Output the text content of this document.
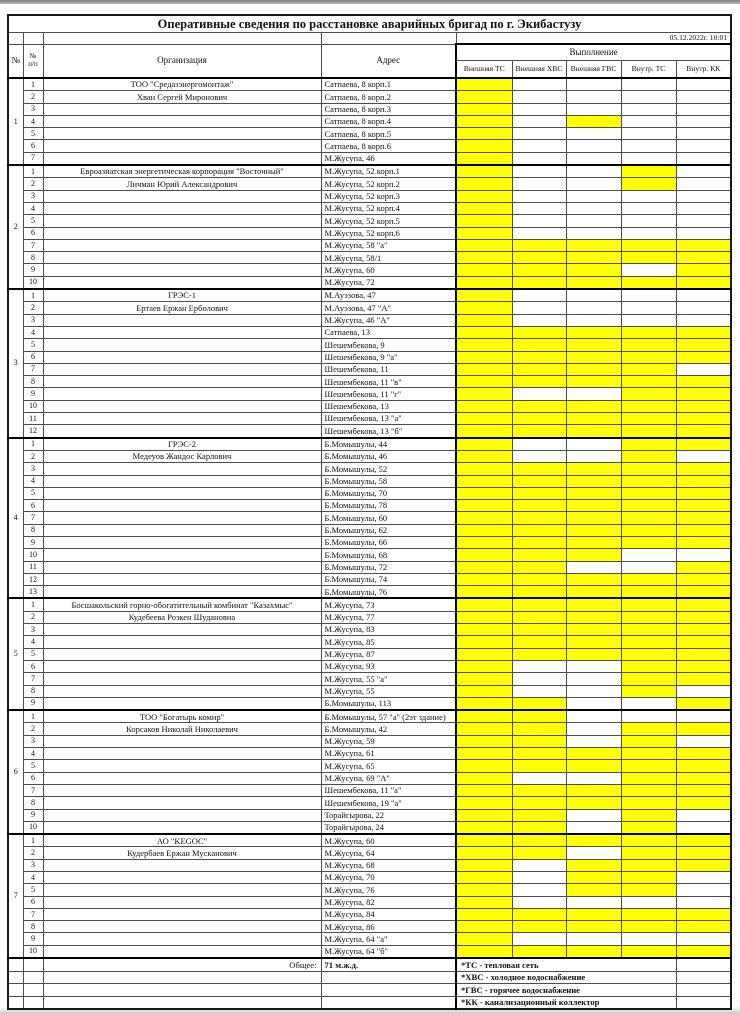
Оперативные сведения по расстановке аварийных бригад по г. Экибастузу								
				05.12.2022г. 10:01				
№	№
п/п	Организация	Адрес	Выполнение				
				Внешняя ТС	Внешняя ХВС	Внешняя ГВС	Внутр. ТС	Внутр. КК
1	1	ТОО "Средазэнергомонтаж"	Сатпаева, 8 корп.1					
	2	Хван Сергей Миронович	Сатпаева, 8 корп.2					
	3		Сатпаева, 8 корп.3					
	4		Сатпаева, 8 корп.4					
	5		Сатпаева, 8 корп.5					
	6		Сатпаева, 8 корп.6					
	7		М.Жусупа, 46					
2	1	Евроазиатская энергетическая корпорация "Восточный"	М.Жусупа, 52 корп.1					
	2	Личман Юрий Александрович	М.Жусупа, 52 корп.2					
	3		М.Жусупа, 52 корп.3					
	4		М.Жусупа, 52 корп.4					
	5		М.Жусупа, 52 корп.5					
	6		М.Жусупа, 52 корп.6					
	7		М.Жусупа, 58 "а"					
	8		М.Жусупа, 58/1					
	9		М.Жусупа, 60					
	10		М.Жусупа, 72					
3	1	ГРЭС-1	М.Ауэзова, 47					
	2	Ертаев Ержан Ерболович	М.Ауэзова, 47 "А"					
	3		М.Жусупа, 46 "А"					
	4		Сатпаева, 13					
	5		Шешембекова, 9					
	6		Шешембекова, 9 "а"					
	7		Шешембекова, 11					
	8		Шешембекова, 11 "в"					
	9		Шешембекова, 11 "г"					
	10		Шешембекова, 13					
	11		Шешембекова, 13 "а"					
	12		Шешембекова, 13 "б"					
4	1	ГРЭС-2	Б.Момышулы, 44					
	2	Медеуов Жандос Карлович	Б.Момышулы, 46					
	3		Б.Момышулы, 52					
	4		Б.Момышулы, 58					
	5		Б.Момышулы, 70					
	6		Б.Момышулы, 78					
	7		Б.Момышулы, 60					
	8		Б.Момышулы, 62					
	9		Б.Момышулы, 66					
	10		Б.Момышулы, 68					
	11		Б.Момышулы, 72					
	12		Б.Момышулы, 74					
	13		Б.Момышулы, 76					
5	1	Босшакольский горно-обогатительный комбинат "Казахмыс"	М.Жусупа, 73					
	2	Кудебеева Розкен Шудановна	М.Жусупа, 77					
	3		М.Жусупа, 83					
	4		М.Жусупа, 85					
	5		М.Жусупа, 87					
	6		М.Жусупа, 93					
	7		М.Жусупа, 55 "а"					
	8		М.Жусупа, 55					
	9		Б.Момышулы, 113					
6	1	ТОО "Богатырь комир"	Б.Момышулы, 57 "а" (2эт здание)					
	2	Корсаков Николай Николаевич	Б.Момышулы, 42					
	3		М.Жусупа, 59					
	4		М.Жусупа, 61					
	5		М.Жусупа, 65					
	6		М.Жусупа, 69 "А"					
	7		Шешембекова, 11 "а"					
	8		Шешембекова, 19 "а"					
	9		Торайгырова, 22					
	10		Торайгырова, 24					
7	1	АО "KEGOC"	М.Жусупа, 60					
	2	Кудербаев Ержан Мусканович	М.Жусупа, 64					
	3		М.Жусупа, 68					
	4		М.Жусупа, 70					
	5		М.Жусупа, 76					
	6		М.Жусупа, 82					
	7		М.Жусупа, 84					
	8		М.Жусупа, 86					
	9		М.Жусупа, 64 "а"					
	10		М.Жусупа, 64 "б"					
		Общее:	71 м.ж.д.	*ТС - тепловая сеть				
				*ХВС - холодное водоснабжение				
				*ГВС - горячее водоснабжение				
				*КК - канализационный коллектор				
